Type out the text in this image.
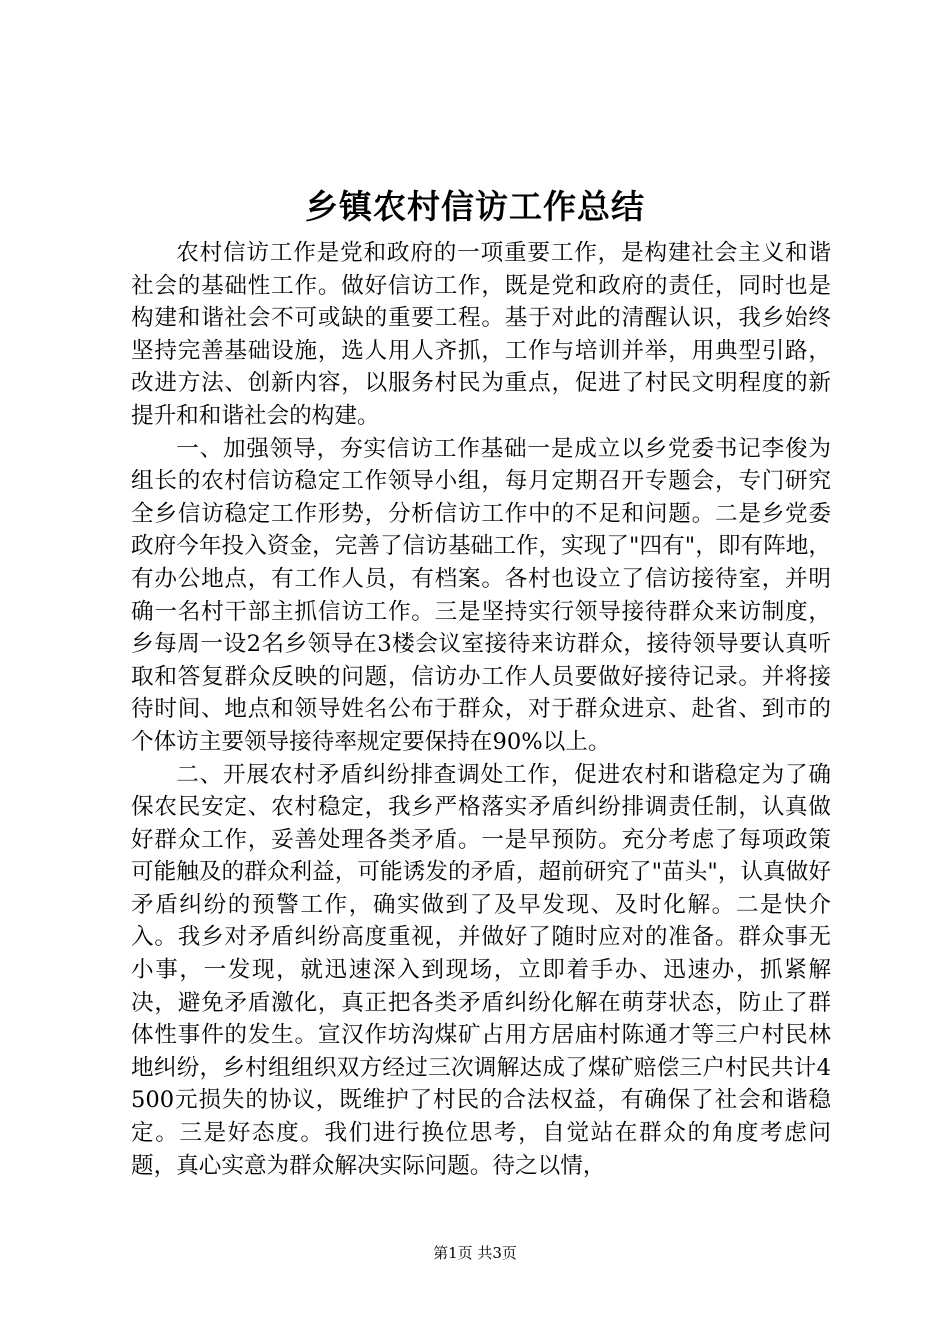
乡镇农村信访工作总结

农村信访工作是党和政府的一项重要工作，是构建社会主义和谐社会的基础性工作。做好信访工作，既是党和政府的责任，同时也是构建和谐社会不可或缺的重要工程。基于对此的清醒认识，我乡始终坚持完善基础设施，选人用人齐抓，工作与培训并举，用典型引路，改进方法、创新内容，以服务村民为重点，促进了村民文明程度的新提升和和谐社会的构建。

一、加强领导，夯实信访工作基础一是成立以乡党委书记李俊为组长的农村信访稳定工作领导小组，每月定期召开专题会，专门研究全乡信访稳定工作形势，分析信访工作中的不足和问题。二是乡党委政府今年投入资金，完善了信访基础工作，实现了"四有"，即有阵地，有办公地点，有工作人员，有档案。各村也设立了信访接待室，并明确一名村干部主抓信访工作。三是坚持实行领导接待群众来访制度，乡每周一设2名乡领导在3楼会议室接待来访群众，接待领导要认真听取和答复群众反映的问题，信访办工作人员要做好接待记录。并将接待时间、地点和领导姓名公布于群众，对于群众进京、赴省、到市的个体访主要领导接待率规定要保持在90%以上。

二、开展农村矛盾纠纷排查调处工作，促进农村和谐稳定为了确保农民安定、农村稳定，我乡严格落实矛盾纠纷排调责任制，认真做好群众工作，妥善处理各类矛盾。一是早预防。充分考虑了每项政策可能触及的群众利益，可能诱发的矛盾，超前研究了"苗头"，认真做好矛盾纠纷的预警工作，确实做到了及早发现、及时化解。二是快介入。我乡对矛盾纠纷高度重视，并做好了随时应对的准备。群众事无小事，一发现，就迅速深入到现场，立即着手办、迅速办，抓紧解决，避免矛盾激化，真正把各类矛盾纠纷化解在萌芽状态，防止了群体性事件的发生。宣汉作坊沟煤矿占用方居庙村陈通才等三户村民林地纠纷，乡村组组织双方经过三次调解达成了煤矿赔偿三户村民共计4500元损失的协议，既维护了村民的合法权益，有确保了社会和谐稳定。三是好态度。我们进行换位思考，自觉站在群众的角度考虑问题，真心实意为群众解决实际问题。待之以情，

第1页 共3页
